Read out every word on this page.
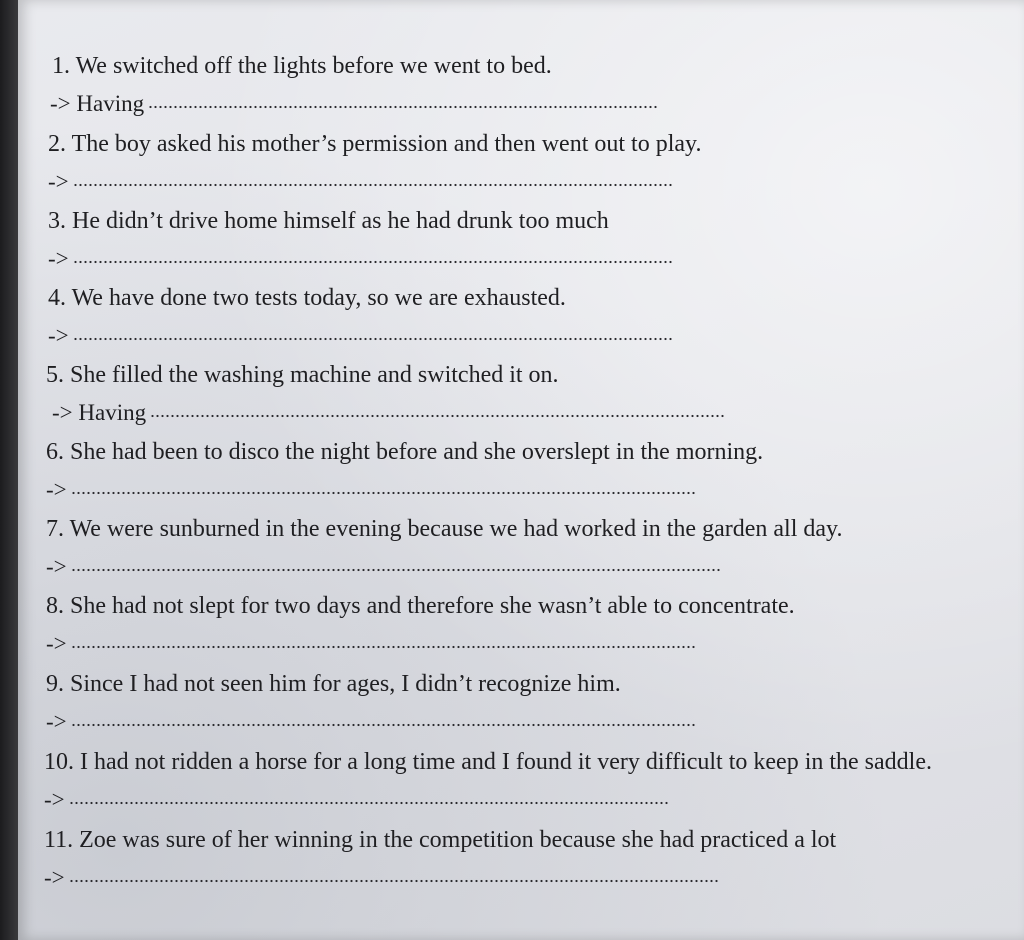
1. We switched off the lights before we went to bed.
-> Having
2. The boy asked his mother’s permission and then went out to play.
->
3. He didn’t drive home himself as he had drunk too much
->
4. We have done two tests today, so we are exhausted.
->
5. She filled the washing machine and switched it on.
-> Having
6. She had been to disco the night before and she overslept in the morning.
->
7. We were sunburned in the evening because we had worked in the garden all day.
->
8. She had not slept for two days and therefore she wasn’t able to concentrate.
->
9. Since I had not seen him for ages, I didn’t recognize him.
->
10. I had not ridden a horse for a long time and I found it very difficult to keep in the saddle.
->
11. Zoe was sure of her winning in the competition because she had practiced a lot
->
